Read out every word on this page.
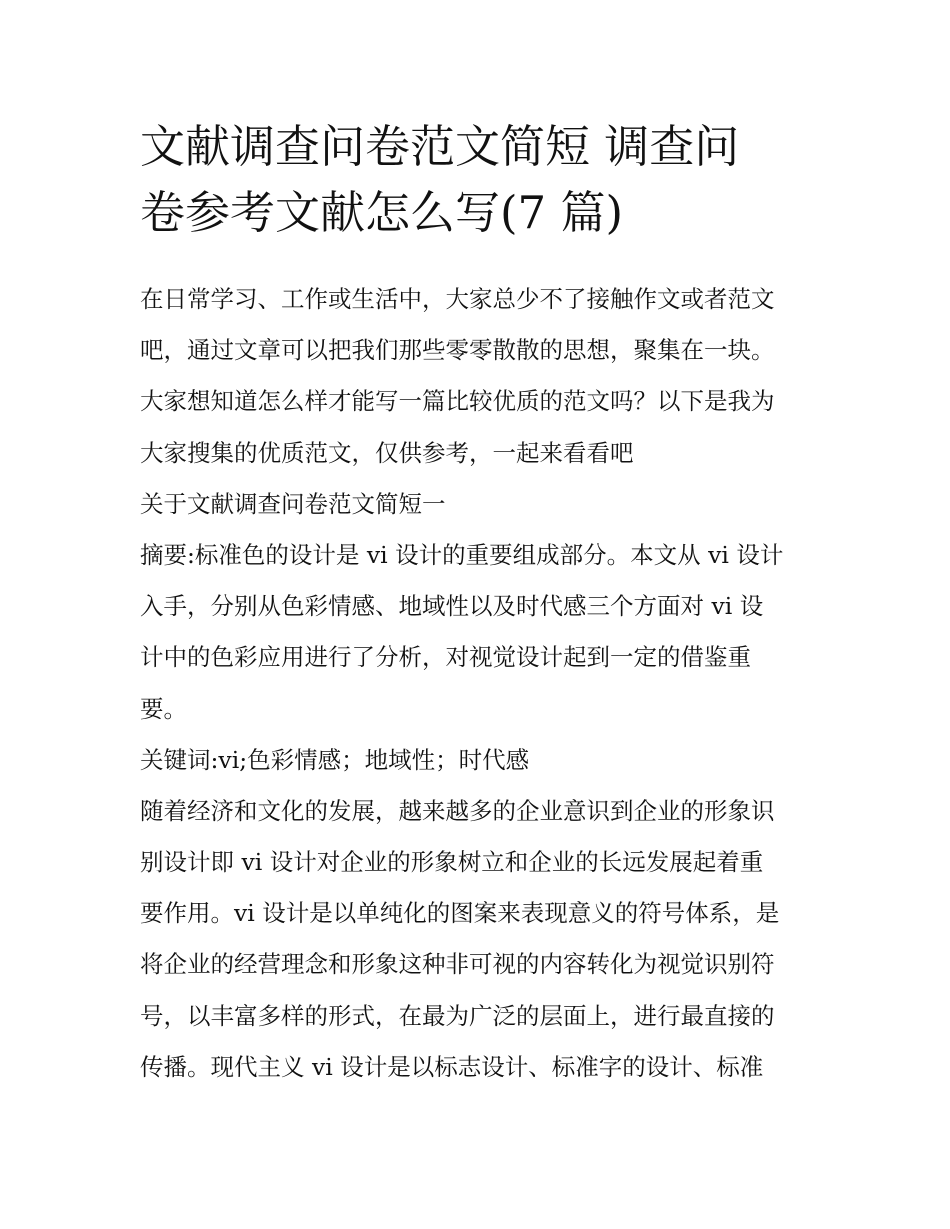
文献调查问卷范文简短 调查问
卷参考文献怎么写(7 篇)
在日常学习、工作或生活中，大家总少不了接触作文或者范文
吧，通过文章可以把我们那些零零散散的思想，聚集在一块。
大家想知道怎么样才能写一篇比较优质的范文吗？以下是我为
大家搜集的优质范文，仅供参考，一起来看看吧
关于文献调查问卷范文简短一
摘要:标准色的设计是 vi 设计的重要组成部分。本文从 vi 设计
入手，分别从色彩情感、地域性以及时代感三个方面对 vi 设
计中的色彩应用进行了分析，对视觉设计起到一定的借鉴重
要。
关键词:vi;色彩情感；地域性；时代感
随着经济和文化的发展，越来越多的企业意识到企业的形象识
别设计即 vi 设计对企业的形象树立和企业的长远发展起着重
要作用。vi 设计是以单纯化的图案来表现意义的符号体系，是
将企业的经营理念和形象这种非可视的内容转化为视觉识别符
号，以丰富多样的形式，在最为广泛的层面上，进行最直接的
传播。现代主义 vi 设计是以标志设计、标准字的设计、标准
